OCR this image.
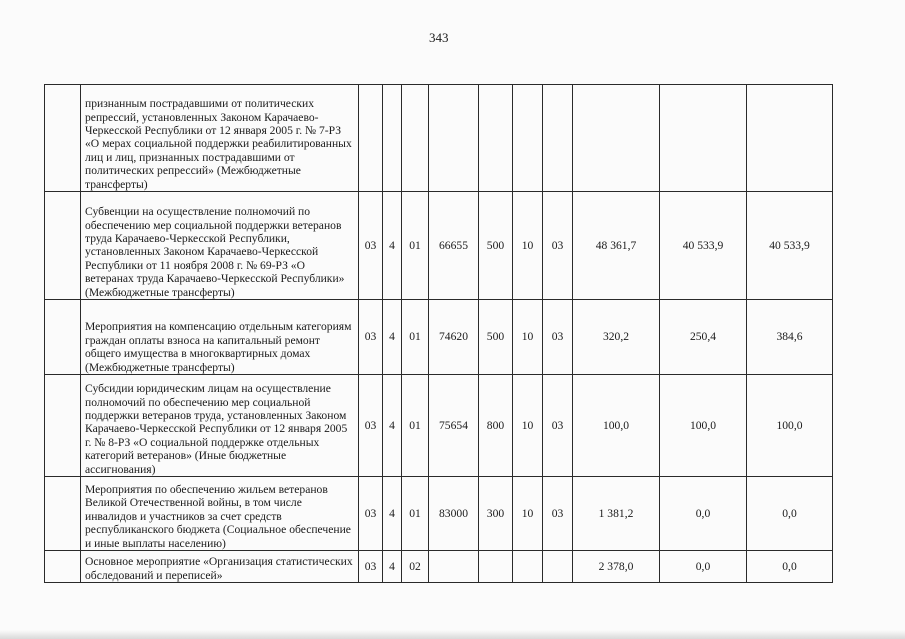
343
	признанным пострадавшими от политических репрессий, установленных Законом Карачаево-Черкесской Республики от 12 января 2005 г. № 7-РЗ «О мерах социальной поддержки реабилитированных лиц и лиц, признанных пострадавшими от политических репрессий» (Межбюджетные трансферты)										
	Субвенции на осуществление полномочий по обеспечению мер социальной поддержки ветеранов труда Карачаево-Черкесской Республики, установленных Законом Карачаево-Черкесской Республики от 11 ноября 2008 г. № 69-РЗ «О ветеранах труда Карачаево-Черкесской Республики» (Межбюджетные трансферты)	03	4	01	66655	500	10	03	48 361,7	40 533,9	40 533,9
	Мероприятия на компенсацию отдельным категориям граждан оплаты взноса на капитальный ремонт общего имущества в многоквартирных домах (Межбюджетные трансферты)	03	4	01	74620	500	10	03	320,2	250,4	384,6
	Субсидии юридическим лицам на осуществление полномочий по обеспечению мер социальной поддержки ветеранов труда, установленных Законом Карачаево-Черкесской Республики от 12 января 2005 г. № 8-РЗ «О социальной поддержке отдельных категорий ветеранов» (Иные бюджетные ассигнования)	03	4	01	75654	800	10	03	100,0	100,0	100,0
	Мероприятия по обеспечению жильем ветеранов Великой Отечественной войны, в том числе инвалидов и участников за счет средств республиканского бюджета (Социальное обеспечение и иные выплаты населению)	03	4	01	83000	300	10	03	1 381,2	0,0	0,0
	Основное мероприятие «Организация статистических обследований и переписей»	03	4	02					2 378,0	0,0	0,0
